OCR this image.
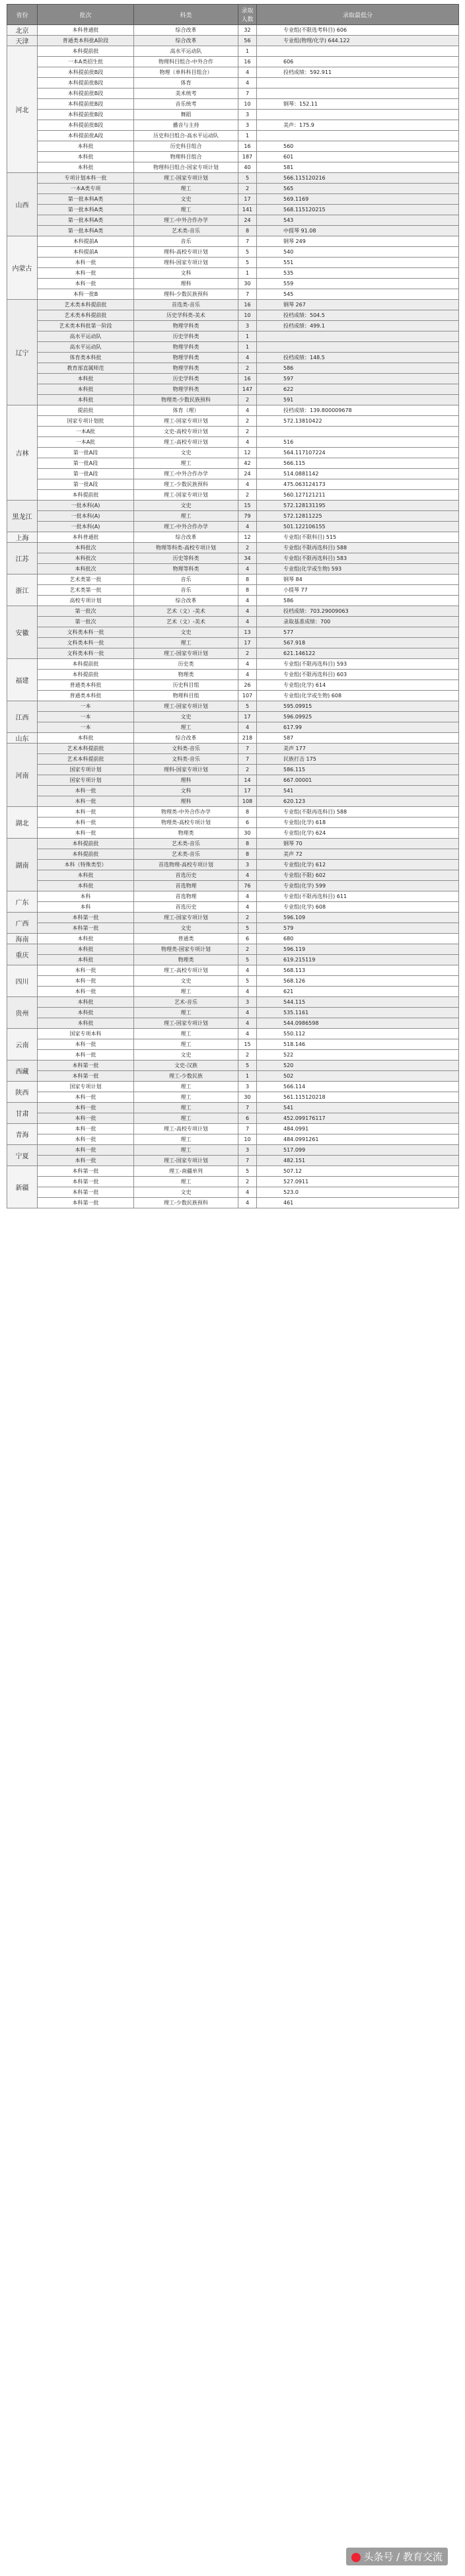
省份	批次	科类	录取人数	录取最低分
北京	本科普通批	综合改革	32	专业组(不限选考科目) 606
天津	普通类本科批A阶段	综合改革	56	专业组(物理/化学) 644.122
河北	本科提前批	高水平运动队	1	
	一本A类招生批	物理科目组合-中外合作	16	606
	本科提前批B段	物理（单科科目组合）	4	投档成绩：592.911
	本科提前批B段	体育	4	
	本科提前批B段	美术统考	7	
	本科提前批B段	音乐统考	10	钢琴：152.11
	本科提前批B段	舞蹈	3	
	本科提前批B段	播音与主持	3	美声：175.9
	本科提前批A段	历史科目组合-高水平运动队	1	
	本科批	历史科目组合	16	560
	本科批	物理科目组合	187	601
	本科批	物理科目组合-国家专项计划	40	581
山西	专项计划本科一批	理工-国家专项计划	5	566.115120216
	一本A类专项	理工	2	565
	第一批本科A类	文史	17	569.1169
	第一批本科A类	理工	141	568.115120215
	第一批本科A类	理工-中外合作办学	24	543
	第一批本科A类	艺术类-音乐	8	中提琴 91.08
内蒙古	本科提前A	音乐	7	钢琴 249
	本科提前A	理科-高校专项计划	5	540
	本科一批	理科-国家专项计划	5	551
	本科一批	文科	1	535
	本科一批	理科	30	559
	本科一批B	理科-少数民族预科	7	545
辽宁	艺术类本科提前批	首选类-音乐	16	钢琴 267
	艺术类本科提前批	历史学科类-美术	10	投档成绩：504.5
	艺术类本科批第一阶段	物理学科类	3	投档成绩：499.1
	高水平运动队	历史学科类	1	
	高水平运动队	物理学科类	1	
	体育类本科批	物理学科类	4	投档成绩：148.5
	教育部直属师范	物理学科类	2	586
	本科批	历史学科类	16	597
	本科批	物理学科类	147	622
	本科批	物理类-少数民族预科	2	591
吉林	提前批	体育（理）	4	投档成绩：139.800009678
	国家专项计划批	理工-国家专项计划	2	572.13810422
	一本A批	文史-高校专项计划	2	
	一本A批	理工-高校专项计划	4	516
	第一批A段	文史	12	564.117107224
	第一批A段	理工	42	566.115
	第一批A段	理工-中外合作办学	24	514.0881142
	第一批A段	理工-少数民族预科	4	475.063124173
	本科提前批	理工-国家专项计划	2	560.127121211
黑龙江	一批本科(A)	文史	15	572.128131195
	一批本科(A)	理工	79	572.12811225
	一批本科(A)	理工-中外合作办学	4	501.122106155
上海	本科普通批	综合改革	12	专业组(不限科目) 515
江苏	本科批次	物理等科类-高校专项计划	2	专业组(不限再选科目) 588
	本科批次	历史等科类	34	专业组(不限再选科目) 583
	本科批次	物理等科类	4	专业组(化学或生物) 593
浙江	艺术类第一批	音乐	8	钢琴 84
	艺术类第一批	音乐	8	小提琴 77
	高校专项计划	综合改革	4	586
安徽	第一批次	艺术（文）-美术	4	投档成绩：703.29009063
	第一批次	艺术（文）-美术	4	录取基准成绩：700
	文科类本科一批	文史	13	577
	文科类本科一批	理工	17	567.918
	文科类本科一批	理工-国家专项计划	2	621.146122
福建	本科提前批	历史类	4	专业组(不限再选科目) 593
	本科提前批	物理类	4	专业组(不限再选科目) 603
	普通类本科批	历史科目组	26	专业组(化学) 614
	普通类本科批	物理科目组	107	专业组(化学或生物) 608
江西	一本	理工-国家专项计划	5	595.09915
	一本	文史	17	596.09925
	一本	理工	4	617.99
山东	本科批	综合改革	218	587
河南	艺术本科提前批	文科类-音乐	7	美声 177
	艺术本科提前批	文科类-音乐	7	民族打击 175
	国家专项计划	理科-国家专项计划	2	586.115
	国家专项计划	理科	14	667.00001
	本科一批	文科	17	541
	本科一批	理科	108	620.123
湖北	本科一批	物理类-中外合作办学	8	专业组(不限再选科目) 588
	本科一批	物理类-高校专项计划	6	专业组(化学) 618
	本科一批	物理类	30	专业组(化学) 624
湖南	本科提前批	艺术类-音乐	8	钢琴 70
	本科提前批	艺术类-音乐	8	美声 72
	本科（特殊类型）	首选物理-高校专项计划	3	专业组(化学) 612
	本科批	首选历史	4	专业组(不限) 602
	本科批	首选物理	76	专业组(化学) 599
广东	本科	首选物理	4	专业组(不限再选科目) 611
	本科	首选历史	4	专业组(化学) 608
广西	本科第一批	理工-国家专项计划	2	596.109
	本科第一批	文史	5	579
海南	本科批	普通类	6	680
重庆	本科批	物理类-国家专项计划	2	596.119
	本科批	物理类	5	619.215119
四川	本科一批	理工-高校专项计划	4	568.113
	本科一批	文史	5	568.126
	本科一批	理工	4	621
贵州	本科批	艺术-音乐	3	544.115
	本科批	理工	4	535.1161
	本科批	理工-国家专项计划	4	544.0986598
云南	国家专项本科	理工	4	550.112
	本科一批	理工	15	518.146
	本科一批	文史	2	522
西藏	本科第一批	文史-汉族	5	520
	本科第一批	理工-少数民族	1	502
陕西	国家专项计划	理工	3	566.114
	本科一批	理工	30	561.115120218
甘肃	本科一批	理工	7	541
	本科一批	理工	6	452.099176117
青海	本科一批	理工-高校专项计划	7	484.0991
	本科一批	理工	10	484.0991261
宁夏	本科一批	理工	3	517.099
	本科一批	理工-国家专项计划	7	482.151
新疆	本科第一批	理工-南疆单列	5	507.12
	本科第一批	理工	2	527.0911
	本科第一批	文史	4	523.0
	本科第一批	理工-少数民族预科	4	461
头条号 / 教育交流
